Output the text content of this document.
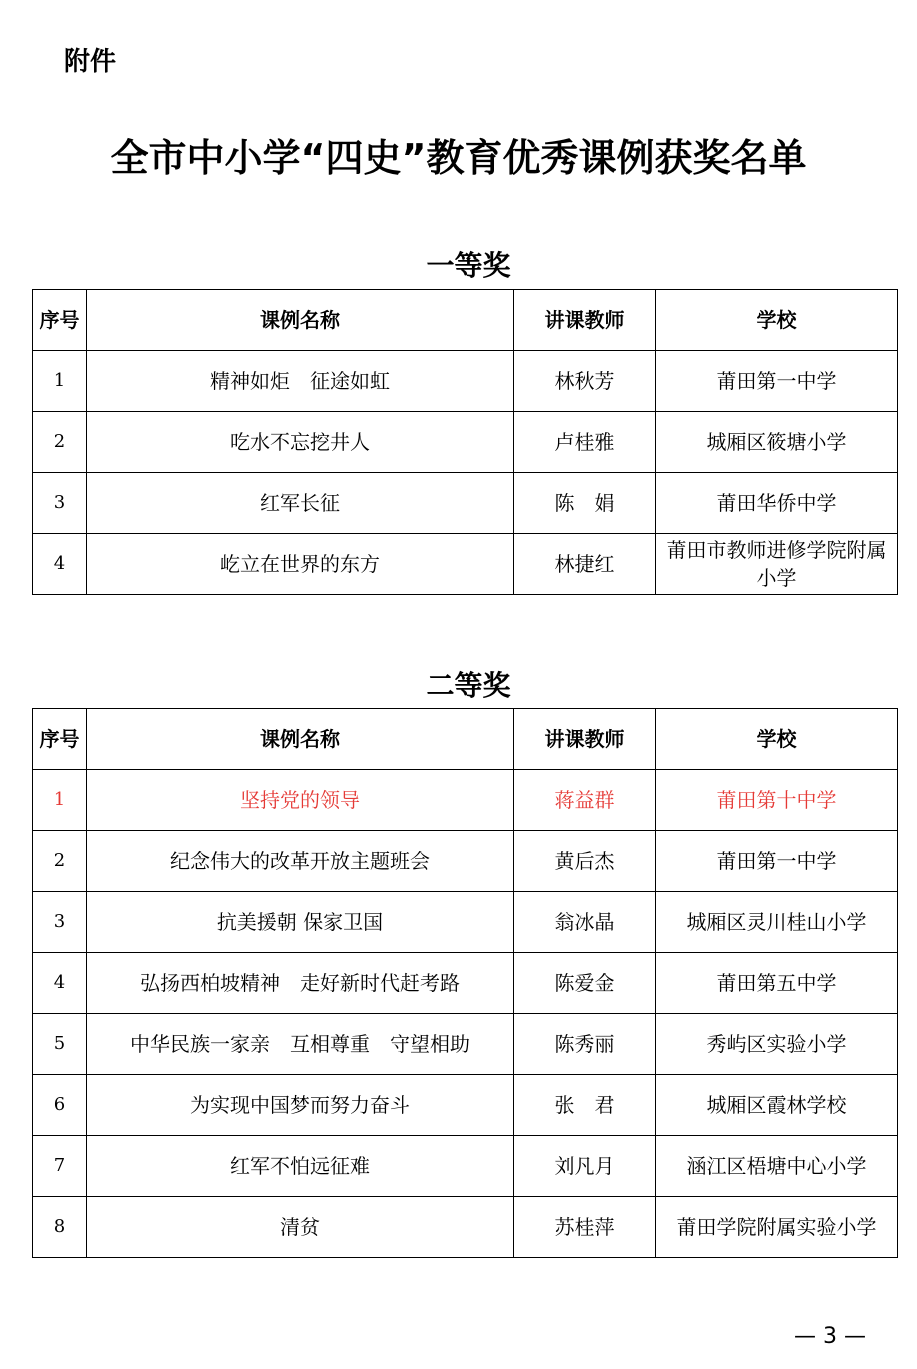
附件
全市中小学“四史”教育优秀课例获奖名单
一等奖
序号	课例名称	讲课教师	学校
1	精神如炬　征途如虹	林秋芳	莆田第一中学
2	吃水不忘挖井人	卢桂雅	城厢区筱塘小学
3	红军长征	陈　娟	莆田华侨中学
4	屹立在世界的东方	林捷红	莆田市教师进修学院附属小学
二等奖
序号	课例名称	讲课教师	学校
1	坚持党的领导	蒋益群	莆田第十中学
2	纪念伟大的改革开放主题班会	黄后杰	莆田第一中学
3	抗美援朝 保家卫国	翁冰晶	城厢区灵川桂山小学
4	弘扬西柏坡精神　走好新时代赶考路	陈爱金	莆田第五中学
5	中华民族一家亲　互相尊重　守望相助	陈秀丽	秀屿区实验小学
6	为实现中国梦而努力奋斗	张　君	城厢区霞林学校
7	红军不怕远征难	刘凡月	涵江区梧塘中心小学
8	清贫	苏桂萍	莆田学院附属实验小学
— 3 —
